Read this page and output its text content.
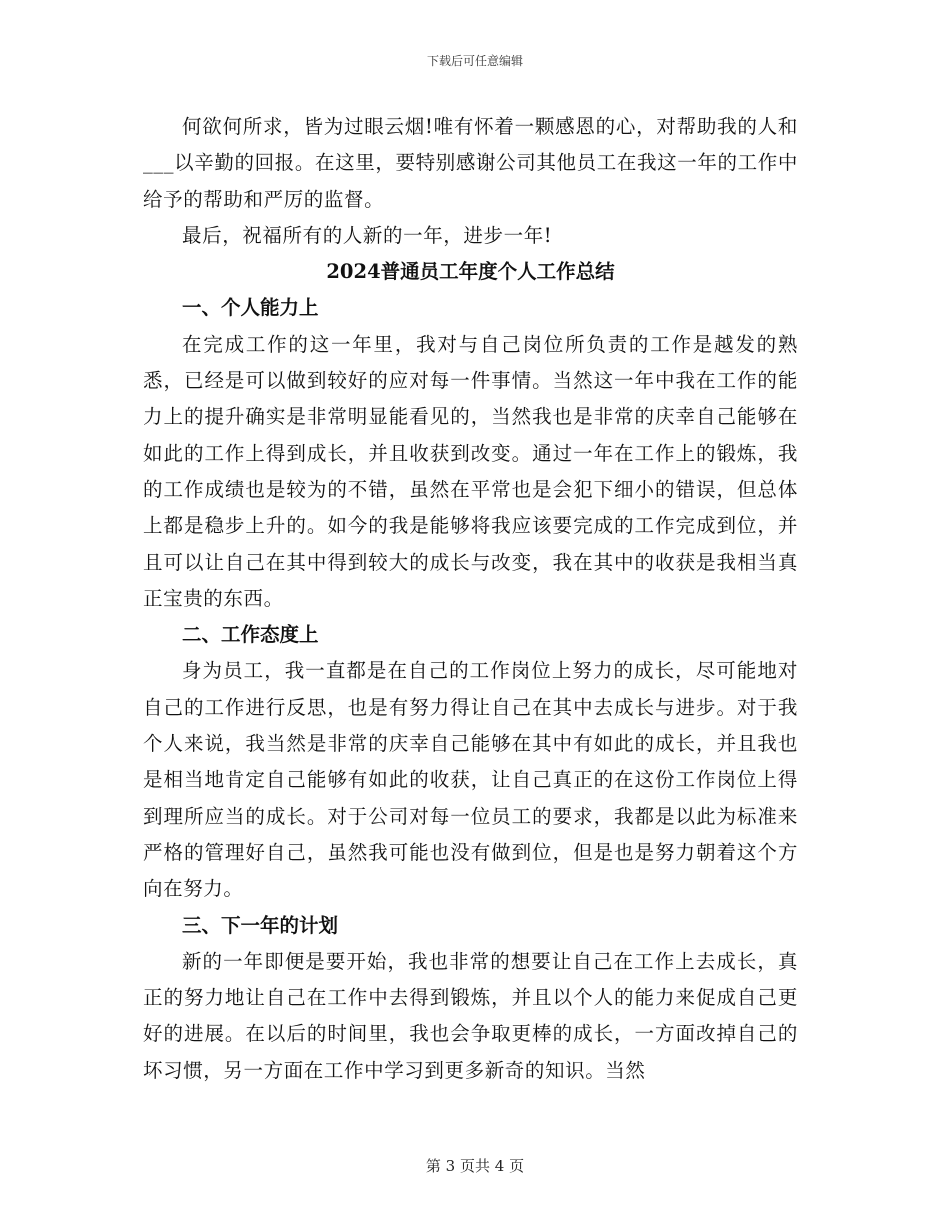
下载后可任意编辑

何欲何所求，皆为过眼云烟!唯有怀着一颗感恩的心，对帮助我的人和___以辛勤的回报。在这里，要特别感谢公司其他员工在我这一年的工作中给予的帮助和严厉的监督。

最后，祝福所有的人新的一年，进步一年!

2024普通员工年度个人工作总结

一、个人能力上

在完成工作的这一年里，我对与自己岗位所负责的工作是越发的熟悉，已经是可以做到较好的应对每一件事情。当然这一年中我在工作的能力上的提升确实是非常明显能看见的，当然我也是非常的庆幸自己能够在如此的工作上得到成长，并且收获到改变。通过一年在工作上的锻炼，我的工作成绩也是较为的不错，虽然在平常也是会犯下细小的错误，但总体上都是稳步上升的。如今的我是能够将我应该要完成的工作完成到位，并且可以让自己在其中得到较大的成长与改变，我在其中的收获是我相当真正宝贵的东西。

二、工作态度上

身为员工，我一直都是在自己的工作岗位上努力的成长，尽可能地对自己的工作进行反思，也是有努力得让自己在其中去成长与进步。对于我个人来说，我当然是非常的庆幸自己能够在其中有如此的成长，并且我也是相当地肯定自己能够有如此的收获，让自己真正的在这份工作岗位上得到理所应当的成长。对于公司对每一位员工的要求，我都是以此为标准来严格的管理好自己，虽然我可能也没有做到位，但是也是努力朝着这个方向在努力。

三、下一年的计划

新的一年即便是要开始，我也非常的想要让自己在工作上去成长，真正的努力地让自己在工作中去得到锻炼，并且以个人的能力来促成自己更好的进展。在以后的时间里，我也会争取更棒的成长，一方面改掉自己的坏习惯，另一方面在工作中学习到更多新奇的知识。当然

第 3 页共 4 页
